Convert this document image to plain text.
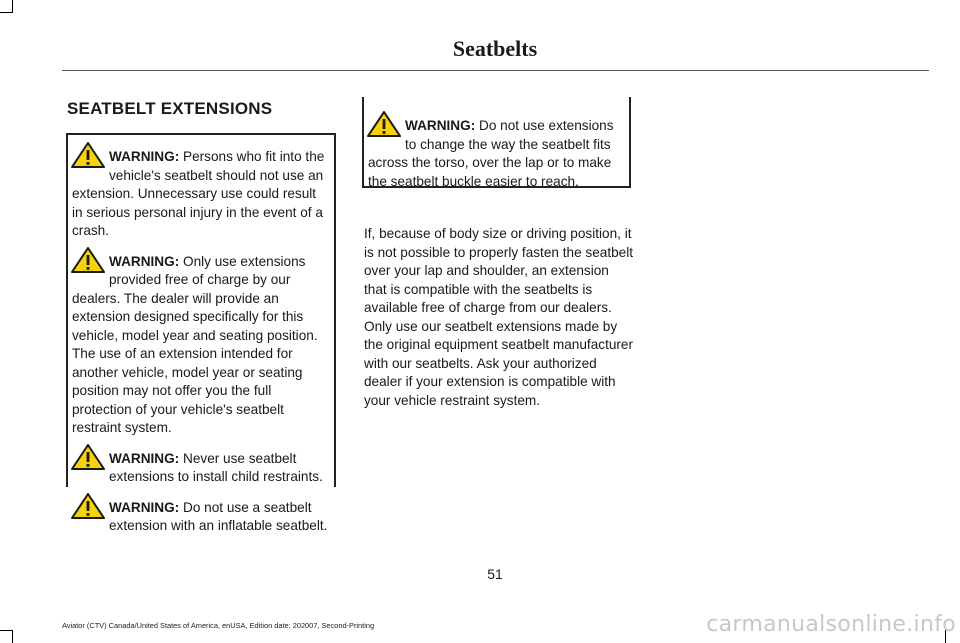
Seatbelts
SEATBELT EXTENSIONS
WARNING: Persons who fit into the vehicle's seatbelt should not use an extension. Unnecessary use could result in serious personal injury in the event of a crash.
WARNING: Only use extensions provided free of charge by our dealers. The dealer will provide an extension designed specifically for this vehicle, model year and seating position. The use of an extension intended for another vehicle, model year or seating position may not offer you the full protection of your vehicle's seatbelt restraint system.
WARNING: Never use seatbelt extensions to install child restraints.
WARNING: Do not use a seatbelt extension with an inflatable seatbelt.
WARNING: Do not use extensions to change the way the seatbelt fits across the torso, over the lap or to make the seatbelt buckle easier to reach.
If, because of body size or driving position, it is not possible to properly fasten the seatbelt over your lap and shoulder, an extension that is compatible with the seatbelts is available free of charge from our dealers. Only use our seatbelt extensions made by the original equipment seatbelt manufacturer with our seatbelts. Ask your authorized dealer if your extension is compatible with your vehicle restraint system.
51
Aviator (CTV) Canada/United States of America, enUSA, Edition date: 202007, Second-Printing	carmanualsonline.info
